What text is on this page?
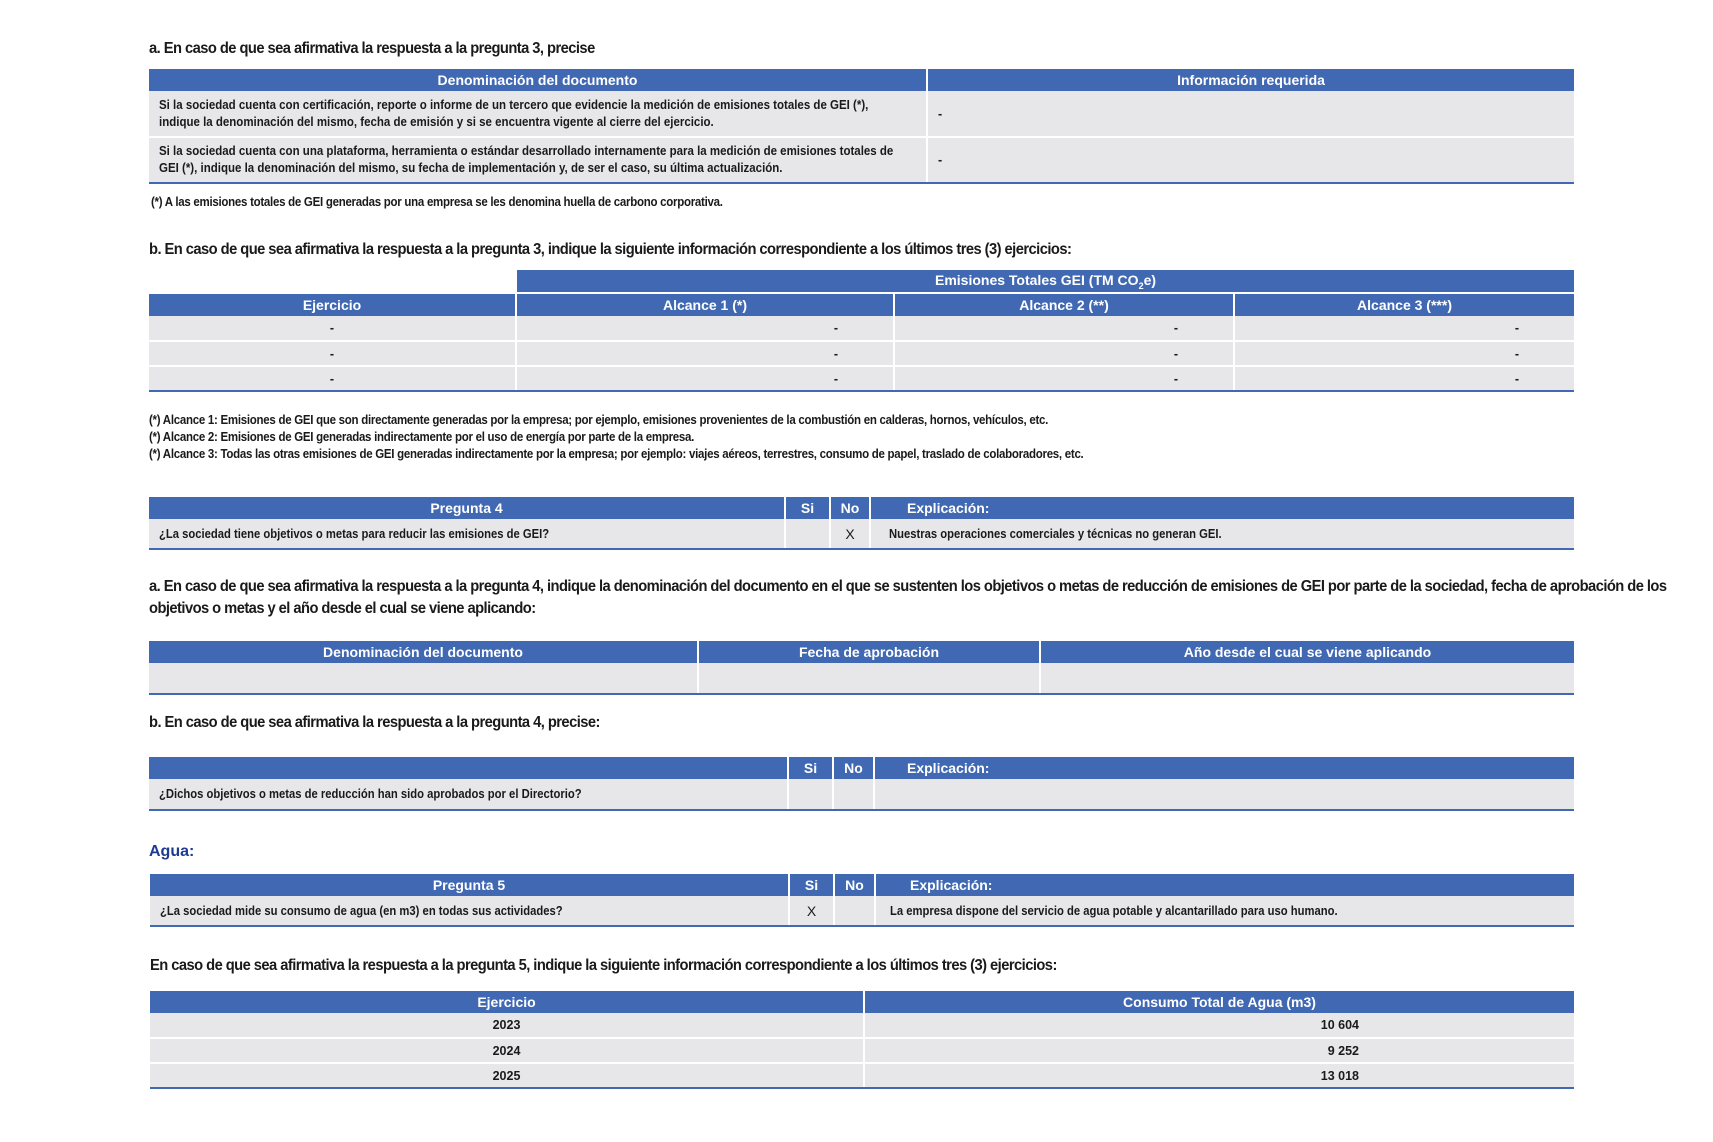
a. En caso de que sea afirmativa la respuesta a la pregunta 3, precise
Denominación del documento	Información requerida

Si la sociedad cuenta con certificación, reporte o informe de un tercero que evidencie la medición de emisiones totales de GEI (*), indique la denominación del mismo, fecha de emisión y si se encuentra vigente al cierre del ejercicio.	-

Si la sociedad cuenta con una plataforma, herramienta o estándar desarrollado internamente para la medición de emisiones totales de GEI (*), indique la denominación del mismo, su fecha de implementación y, de ser el caso, su última actualización.	-
(*) A las emisiones totales de GEI generadas por una empresa se les denomina huella de carbono corporativa.
b. En caso de que sea afirmativa la respuesta a la pregunta 3, indique la siguiente información correspondiente a los últimos tres (3) ejercicios:
	Emisiones Totales GEI (TM $CO_2e$)		
Ejercicio	Alcance 1 (*)	Alcance 2 (**)	Alcance 3 (***)
-	-	-	-
-	-	-	-
-	-	-	-
(*) Alcance 1: Emisiones de GEI que son directamente generadas por la empresa; por ejemplo, emisiones provenientes de la combustión en calderas, hornos, vehículos, etc.
(*) Alcance 2: Emisiones de GEI generadas indirectamente por el uso de energía por parte de la empresa.
(*) Alcance 3: Todas las otras emisiones de GEI generadas indirectamente por la empresa; por ejemplo: viajes aéreos, terrestres, consumo de papel, traslado de colaboradores, etc.
Pregunta 4	Si	No	Explicación:
¿La sociedad tiene objetivos o metas para reducir las emisiones de GEI?		X	Nuestras operaciones comerciales y técnicas no generan GEI.
a. En caso de que sea afirmativa la respuesta a la pregunta 4, indique la denominación del documento en el que se sustenten los objetivos o metas de reducción de emisiones de GEI por parte de la sociedad, fecha de aprobación de los objetivos o metas y el año desde el cual se viene aplicando:
Denominación del documento	Fecha de aprobación	Año desde el cual se viene aplicando

b. En caso de que sea afirmativa la respuesta a la pregunta 4, precise:
	Si	No	Explicación:
¿Dichos objetivos o metas de reducción han sido aprobados por el Directorio?			
Agua:
Pregunta 5	Si	No	Explicación:
¿La sociedad mide su consumo de agua (en m3) en todas sus actividades?	X		La empresa dispone del servicio de agua potable y alcantarillado para uso humano.
En caso de que sea afirmativa la respuesta a la pregunta 5, indique la siguiente información correspondiente a los últimos tres (3) ejercicios:
Ejercicio	Consumo Total de Agua (m3)
2023	10 604
2024	9 252
2025	13 018
